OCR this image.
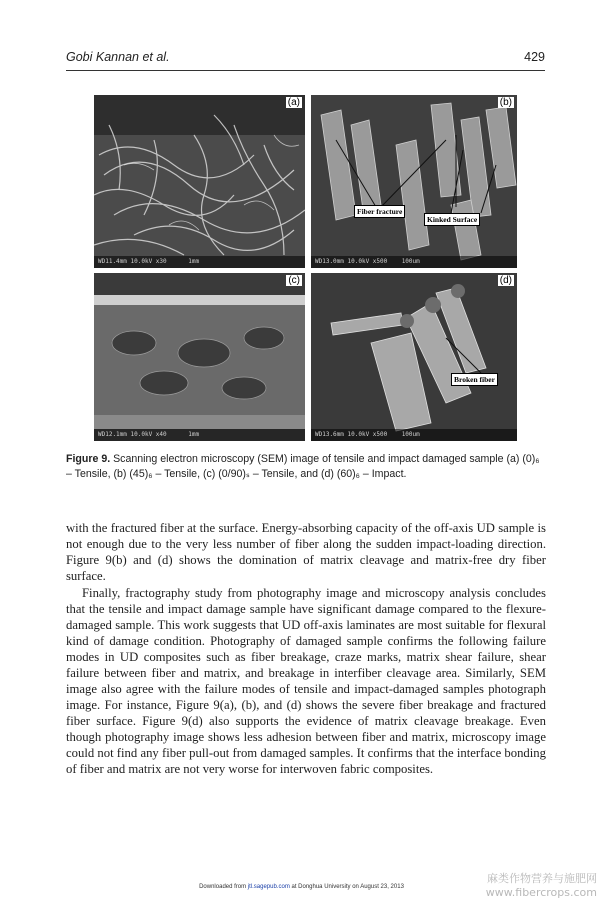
Gobi Kannan et al.	429
(a)
WD11.4mm 10.0kV x30      1mm
(b)
Fiber fracture
Kinked Surface
WD13.0mm 10.0kV x500    100um
(c)
WD12.1mm 10.0kV x40      1mm
(d)
Broken fiber
WD13.6mm 10.0kV x500    100um
Figure 9. Scanning electron microscopy (SEM) image of tensile and impact damaged sample (a) (0)₆ – Tensile, (b) (45)₆ – Tensile, (c) (0/90)ₛ – Tensile, and (d) (60)₆ – Impact.

with the fractured fiber at the surface. Energy-absorbing capacity of the off-axis UD sample is not enough due to the very less number of fiber along the sudden impact-loading direction. Figure 9(b) and (d) shows the domination of matrix cleavage and matrix-free dry fiber surface.

Finally, fractography study from photography image and microscopy analysis concludes that the tensile and impact damage sample have significant damage compared to the flexure-damaged sample. This work suggests that UD off-axis laminates are most suitable for flexural kind of damage condition. Photography of damaged sample confirms the following failure modes in UD composites such as fiber breakage, craze marks, matrix shear failure, shear failure between fiber and matrix, and breakage in interfiber cleavage area. Similarly, SEM image also agree with the failure modes of tensile and impact-damaged samples photograph image. For instance, Figure 9(a), (b), and (d) shows the severe fiber breakage and fractured fiber surface. Figure 9(d) also supports the evidence of matrix cleavage breakage. Even though photography image shows less adhesion between fiber and matrix, microscopy image could not find any fiber pull-out from damaged samples. It confirms that the interface bonding of fiber and matrix are not very worse for interwoven fabric composites.

Downloaded from jtl.sagepub.com at Donghua University on August 23, 2013
麻类作物营养与施肥网
www.fibercrops.com
